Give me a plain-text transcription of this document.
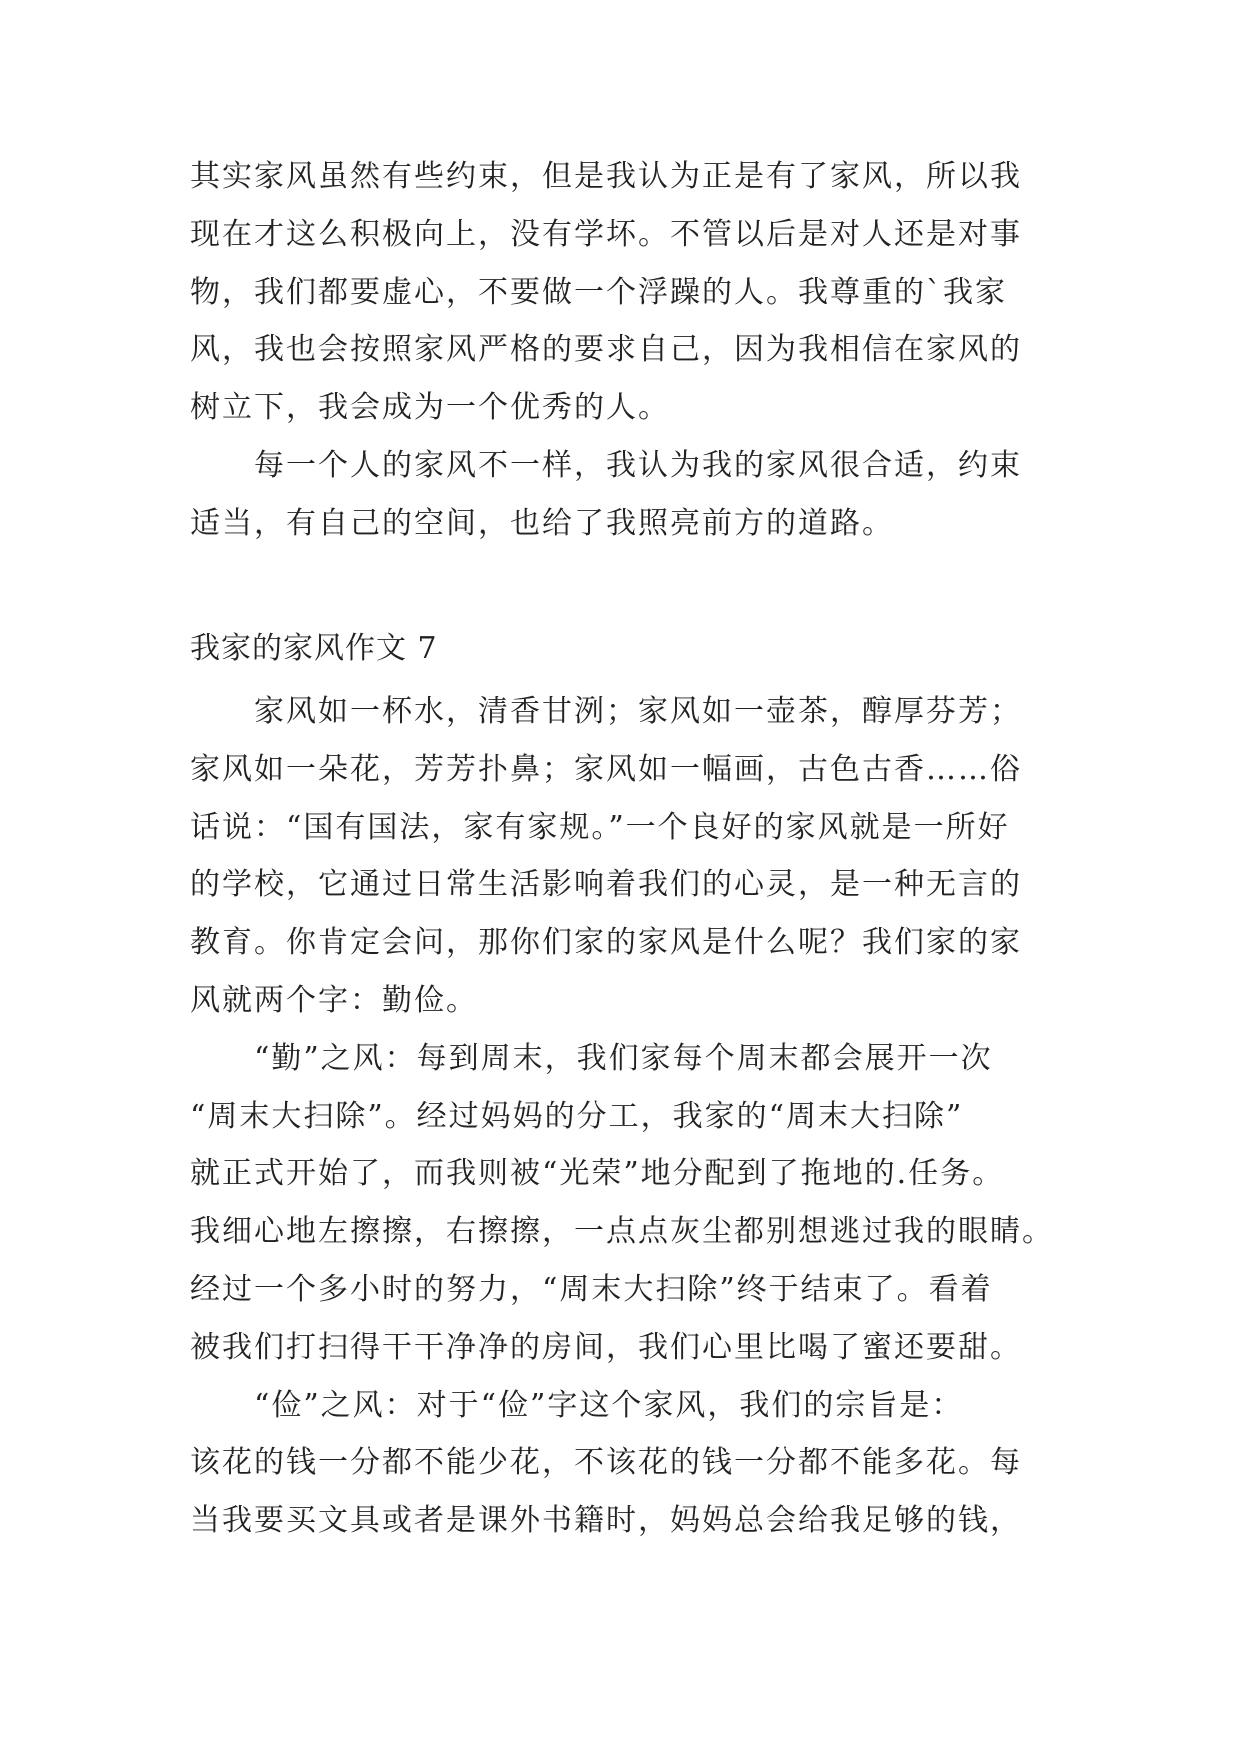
其实家风虽然有些约束，但是我认为正是有了家风，所以我
现在才这么积极向上，没有学坏。不管以后是对人还是对事
物，我们都要虚心，不要做一个浮躁的人。我尊重的`我家
风，我也会按照家风严格的要求自己，因为我相信在家风的
树立下，我会成为一个优秀的人。
　　每一个人的家风不一样，我认为我的家风很合适，约束
适当，有自己的空间，也给了我照亮前方的道路。
我家的家风作文 7
　　家风如一杯水，清香甘洌；家风如一壶茶，醇厚芬芳；
家风如一朵花，芳芳扑鼻；家风如一幅画，古色古香……俗
话说：“国有国法，家有家规。”一个良好的家风就是一所好
的学校，它通过日常生活影响着我们的心灵，是一种无言的
教育。你肯定会问，那你们家的家风是什么呢？我们家的家
风就两个字：勤俭。
　　“勤”之风：每到周末，我们家每个周末都会展开一次
“周末大扫除”。经过妈妈的分工，我家的“周末大扫除”
就正式开始了，而我则被“光荣”地分配到了拖地的.任务。
我细心地左擦擦，右擦擦，一点点灰尘都别想逃过我的眼睛。
经过一个多小时的努力，“周末大扫除”终于结束了。看着
被我们打扫得干干净净的房间，我们心里比喝了蜜还要甜。
　　“俭”之风：对于“俭”字这个家风，我们的宗旨是：
该花的钱一分都不能少花，不该花的钱一分都不能多花。每
当我要买文具或者是课外书籍时，妈妈总会给我足够的钱，
